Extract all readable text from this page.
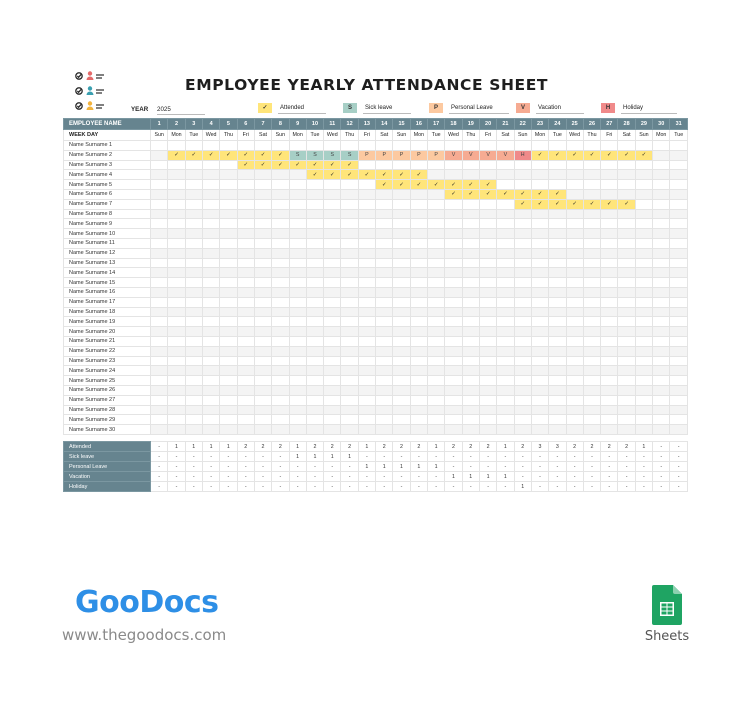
EMPLOYEE YEARLY ATTENDANCE SHEET
YEAR 2025	✓	Attended	S	Sick leave	P	Personal Leave	V	Vacation	H	Holiday
EMPLOYEE NAME	1	2	3	4	5	6	7	8	9	10	11	12	13	14	15	16	17	18	19	20	21	22	23	24	25	26	27	28	29	30	31
WEEK DAY	Sun	Mon	Tue	Wed	Thu	Fri	Sat	Sun	Mon	Tue	Wed	Thu	Fri	Sat	Sun	Mon	Tue	Wed	Thu	Fri	Sat	Sun	Mon	Tue	Wed	Thu	Fri	Sat	Sun	Mon	Tue
Name Surname 1																															
Name Surname 2		✓	✓	✓	✓	✓	✓	✓	S	S	S	S	P	P	P	P	P	V	V	V	V	H	✓	✓	✓	✓	✓	✓	✓		
Name Surname 3						✓	✓	✓	✓	✓	✓	✓																			
Name Surname 4										✓	✓	✓	✓	✓	✓	✓															
Name Surname 5														✓	✓	✓	✓	✓	✓	✓											
Name Surname 6																		✓	✓	✓	✓	✓	✓	✓							
Name Surname 7																						✓	✓	✓	✓	✓	✓	✓			
Name Surname 8																															
Name Surname 9																															
Name Surname 10																															
Name Surname 11																															
Name Surname 12																															
Name Surname 13																															
Name Surname 14																															
Name Surname 15																															
Name Surname 16																															
Name Surname 17																															
Name Surname 18																															
Name Surname 19																															
Name Surname 20																															
Name Surname 21																															
Name Surname 22																															
Name Surname 23																															
Name Surname 24																															
Name Surname 25																															
Name Surname 26																															
Name Surname 27																															
Name Surname 28																															
Name Surname 29																															
Name Surname 30																															
Attended	-	1	1	1	1	2	2	2	1	2	2	2	1	2	2	2	1	2	2	2	1	2	3	3	2	2	2	2	1	-	-
Sick leave	-	-	-	-	-	-	-	-	1	1	1	1	-	-	-	-	-	-	-	-	-	-	-	-	-	-	-	-	-	-	-
Personal Leave	-	-	-	-	-	-	-	-	-	-	-	-	1	1	1	1	1	-	-	-	-	-	-	-	-	-	-	-	-	-	-
Vacation	-	-	-	-	-	-	-	-	-	-	-	-	-	-	-	-	-	1	1	1	1	-	-	-	-	-	-	-	-	-	-
Holiday	-	-	-	-	-	-	-	-	-	-	-	-	-	-	-	-	-	-	-	-	-	1	-	-	-	-	-	-	-	-	-
GooDocs
www.thegoodocs.com	Sheets
